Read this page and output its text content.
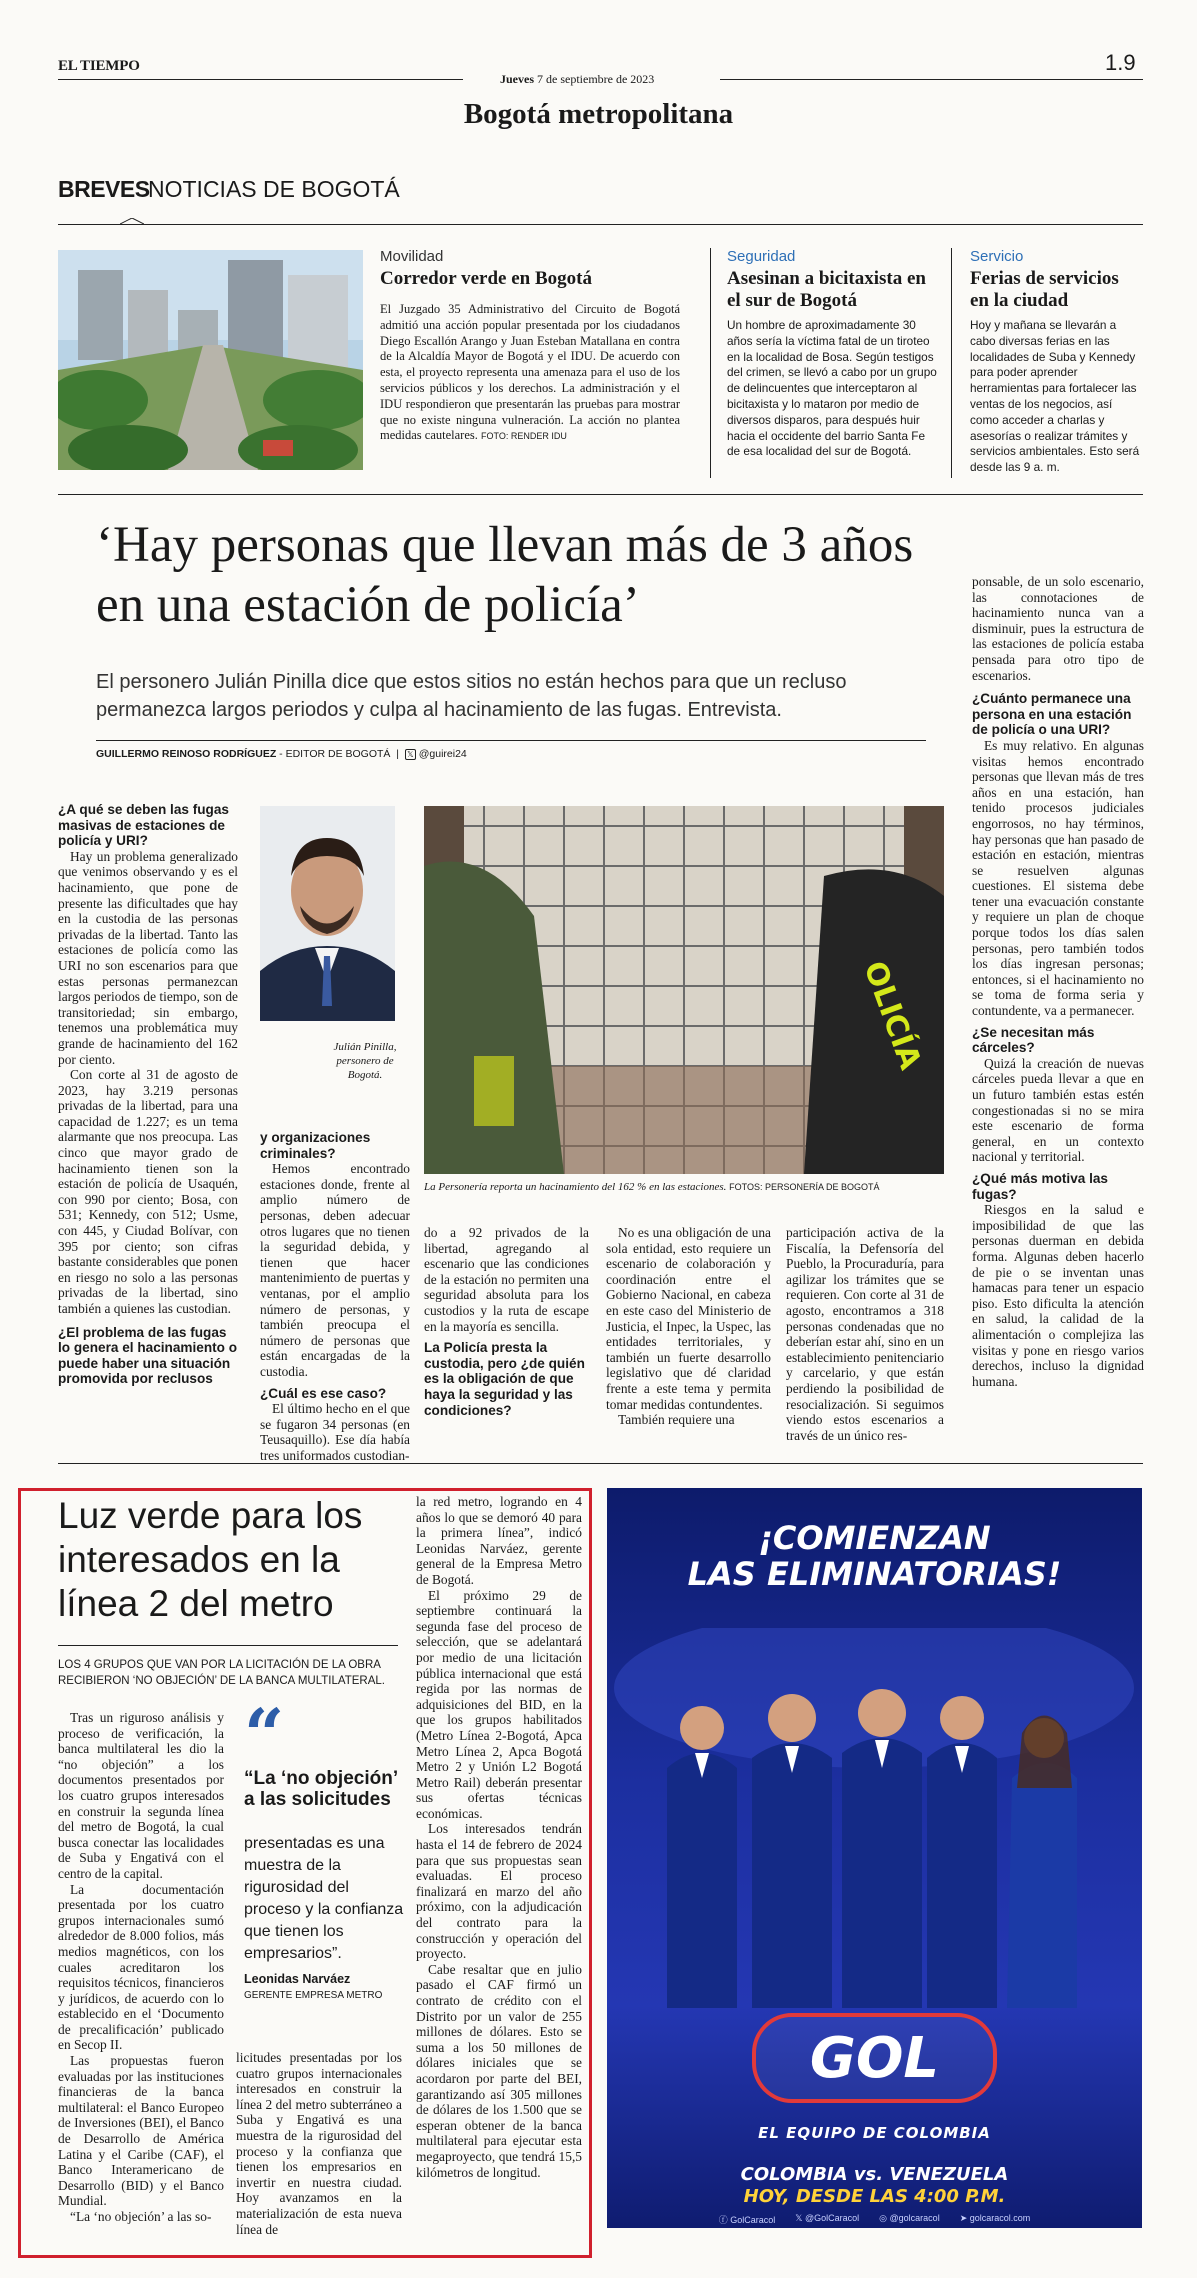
EL TIEMPO
Jueves 7 de septiembre de 2023
1.9
Bogotá metropolitana
BREVES
NOTICIAS DE BOGOTÁ
Movilidad
Corredor verde en Bogotá
El Juzgado 35 Administrativo del Circuito de Bogotá admitió una acción popular presentada por los ciudadanos Diego Escallón Arango y Juan Esteban Matallana en contra de la Alcaldía Mayor de Bogotá y el IDU. De acuerdo con esta, el proyecto representa una amenaza para el uso de los servicios públicos y los derechos. La administración y el IDU respondieron que presentarán las pruebas para mostrar que no existe ninguna vulneración. La acción no plantea medidas cautelares. FOTO: RENDER IDU
Seguridad
Asesinan a bicitaxista en el sur de Bogotá
Un hombre de aproximadamente 30 años sería la víctima fatal de un tiroteo en la localidad de Bosa. Según testigos del crimen, se llevó a cabo por un grupo de delincuentes que interceptaron al bicitaxista y lo mataron por medio de diversos disparos, para después huir hacia el occidente del barrio Santa Fe de esa localidad del sur de Bogotá.
Servicio
Ferias de servicios en la ciudad
Hoy y mañana se llevarán a cabo diversas ferias en las localidades de Suba y Kennedy para poder aprender herramientas para fortalecer las ventas de los negocios, así como acceder a charlas y asesorías o realizar trámites y servicios ambientales. Esto será desde las 9 a. m.
‘Hay personas que llevan más de 3 años en una estación de policía’
El personero Julián Pinilla dice que estos sitios no están hechos para que un recluso permanezca largos periodos y culpa al hacinamiento de las fugas. Entrevista.
GUILLERMO REINOSO RODRÍGUEZ - EDITOR DE BOGOTÁ  |  𝕏 @guirei24
¿A qué se deben las fugas masivas de estaciones de policía y URI?
Hay un problema generalizado que venimos observando y es el hacinamiento, que pone de presente las dificultades que hay en la custodia de las personas privadas de la libertad. Tanto las estaciones de policía como las URI no son escenarios para que estas personas permanezcan largos periodos de tiempo, son de transitoriedad; sin embargo, tenemos una problemática muy grande de hacinamiento del 162 por ciento.
Con corte al 31 de agosto de 2023, hay 3.219 personas privadas de la libertad, para una capacidad de 1.227; es un tema alarmante que nos preocupa. Las cinco que mayor grado de hacinamiento tienen son la estación de policía de Usaquén, con 990 por ciento; Bosa, con 531; Kennedy, con 512; Usme, con 445, y Ciudad Bolívar, con 395 por ciento; son cifras bastante considerables que ponen en riesgo no solo a las personas privadas de la libertad, sino también a quienes las custodian.
¿El problema de las fugas lo genera el hacinamiento o puede haber una situación promovida por reclusos
Julián Pinilla, personero de Bogotá.
OLICÍA
La Personería reporta un hacinamiento del 162 % en las estaciones. FOTOS: PERSONERÍA DE BOGOTÁ
y organizaciones criminales?
Hemos encontrado estaciones donde, frente al amplio número de personas, deben adecuar otros lugares que no tienen la seguridad debida, y tienen que hacer mantenimiento de puertas y ventanas, por el amplio número de personas, y también preocupa el número de personas que están encargadas de la custodia.
¿Cuál es ese caso?
El último hecho en el que se fugaron 34 personas (en Teusaquillo). Ese día había tres uniformados custodian-
do a 92 privados de la libertad, agregando al escenario que las condiciones de la estación no permiten una seguridad absoluta para los custodios y la ruta de escape en la mayoría es sencilla.
La Policía presta la custodia, pero ¿de quién es la obligación de que haya la seguridad y las condiciones?
No es una obligación de una sola entidad, esto requiere un escenario de colaboración y coordinación entre el Gobierno Nacional, en cabeza en este caso del Ministerio de Justicia, el Inpec, la Uspec, las entidades territoriales, y también un fuerte desarrollo legislativo que dé claridad frente a este tema y permita tomar medidas contundentes.
También requiere una
participación activa de la Fiscalía, la Defensoría del Pueblo, la Procuraduría, para agilizar los trámites que se requieren. Con corte al 31 de agosto, encontramos a 318 personas condenadas que no deberían estar ahí, sino en un establecimiento penitenciario y carcelario, y que están perdiendo la posibilidad de resocialización. Si seguimos viendo estos escenarios a través de un único res-
ponsable, de un solo escenario, las connotaciones de hacinamiento nunca van a disminuir, pues la estructura de las estaciones de policía estaba pensada para otro tipo de escenarios.
¿Cuánto permanece una persona en una estación de policía o una URI?
Es muy relativo. En algunas visitas hemos encontrado personas que llevan más de tres años en una estación, han tenido procesos judiciales engorrosos, no hay términos, hay personas que han pasado de estación en estación, mientras se resuelven algunas cuestiones. El sistema debe tener una evacuación constante y requiere un plan de choque porque todos los días salen personas, pero también todos los días ingresan personas; entonces, si el hacinamiento no se toma de forma seria y contundente, va a permanecer.
¿Se necesitan más cárceles?
Quizá la creación de nuevas cárceles pueda llevar a que en un futuro también estas estén congestionadas si no se mira este escenario de forma general, en un contexto nacional y territorial.
¿Qué más motiva las fugas?
Riesgos en la salud e imposibilidad de que las personas duerman en debida forma. Algunas deben hacerlo de pie o se inventan unas hamacas para tener un espacio piso. Esto dificulta la atención en salud, la calidad de la alimentación o complejiza las visitas y pone en riesgo varios derechos, incluso la dignidad humana.
Luz verde para los interesados en la línea 2 del metro
LOS 4 GRUPOS QUE VAN POR LA LICITACIÓN DE LA OBRA RECIBIERON ‘NO OBJECIÓN’ DE LA BANCA MULTILATERAL.
Tras un riguroso análisis y proceso de verificación, la banca multilateral les dio la “no objeción” a los documentos presentados por los cuatro grupos interesados en construir la segunda línea del metro de Bogotá, la cual busca conectar las localidades de Suba y Engativá con el centro de la capital.
La documentación presentada por los cuatro grupos internacionales sumó alrededor de 8.000 folios, más medios magnéticos, con los cuales acreditaron los requisitos técnicos, financieros y jurídicos, de acuerdo con lo establecido en el ‘Documento de precalificación’ publicado en Secop II.
Las propuestas fueron evaluadas por las instituciones financieras de la banca multilateral: el Banco Europeo de Inversiones (BEI), el Banco de Desarrollo de América Latina y el Caribe (CAF), el Banco Interamericano de Desarrollo (BID) y el Banco Mundial.
“La ‘no objeción’ a las so-
“
“La ‘no objeción’ a las solicitudes
presentadas es una muestra de la rigurosidad del proceso y la confianza que tienen los empresarios”.
Leonidas Narváez
GERENTE EMPRESA METRO
licitudes presentadas por los cuatro grupos internacionales interesados en construir la línea 2 del metro subterráneo a Suba y Engativá es una muestra de la rigurosidad del proceso y la confianza que tienen los empresarios en invertir en nuestra ciudad. Hoy avanzamos en la materialización de esta nueva línea de
la red metro, logrando en 4 años lo que se demoró 40 para la primera línea”, indicó Leonidas Narváez, gerente general de la Empresa Metro de Bogotá.
El próximo 29 de septiembre continuará la segunda fase del proceso de selección, que se adelantará por medio de una licitación pública internacional que está regida por las normas de adquisiciones del BID, en la que los grupos habilitados (Metro Línea 2-Bogotá, Apca Metro Línea 2, Apca Bogotá Metro 2 y Unión L2 Bogotá Metro Rail) deberán presentar sus ofertas técnicas económicas.
Los interesados tendrán hasta el 14 de febrero de 2024 para que sus propuestas sean evaluadas. El proceso finalizará en marzo del año próximo, con la adjudicación del contrato para la construcción y operación del proyecto.
Cabe resaltar que en julio pasado el CAF firmó un contrato de crédito con el Distrito por un valor de 255 millones de dólares. Esto se suma a los 50 millones de dólares iniciales que se acordaron por parte del BEI, garantizando así 305 millones de dólares de los 1.500 que se esperan obtener de la banca multilateral para ejecutar esta megaproyecto, que tendrá 15,5 kilómetros de longitud.
¡COMIENZAN
LAS ELIMINATORIAS!
GOL
EL EQUIPO DE COLOMBIA
COLOMBIA vs. VENEZUELA
HOY, DESDE LAS 4:00 P.M.
ⓕ GolCaracol 𝕏 @GolCaracol ◎ @golcaracol ➤ golcaracol.com
